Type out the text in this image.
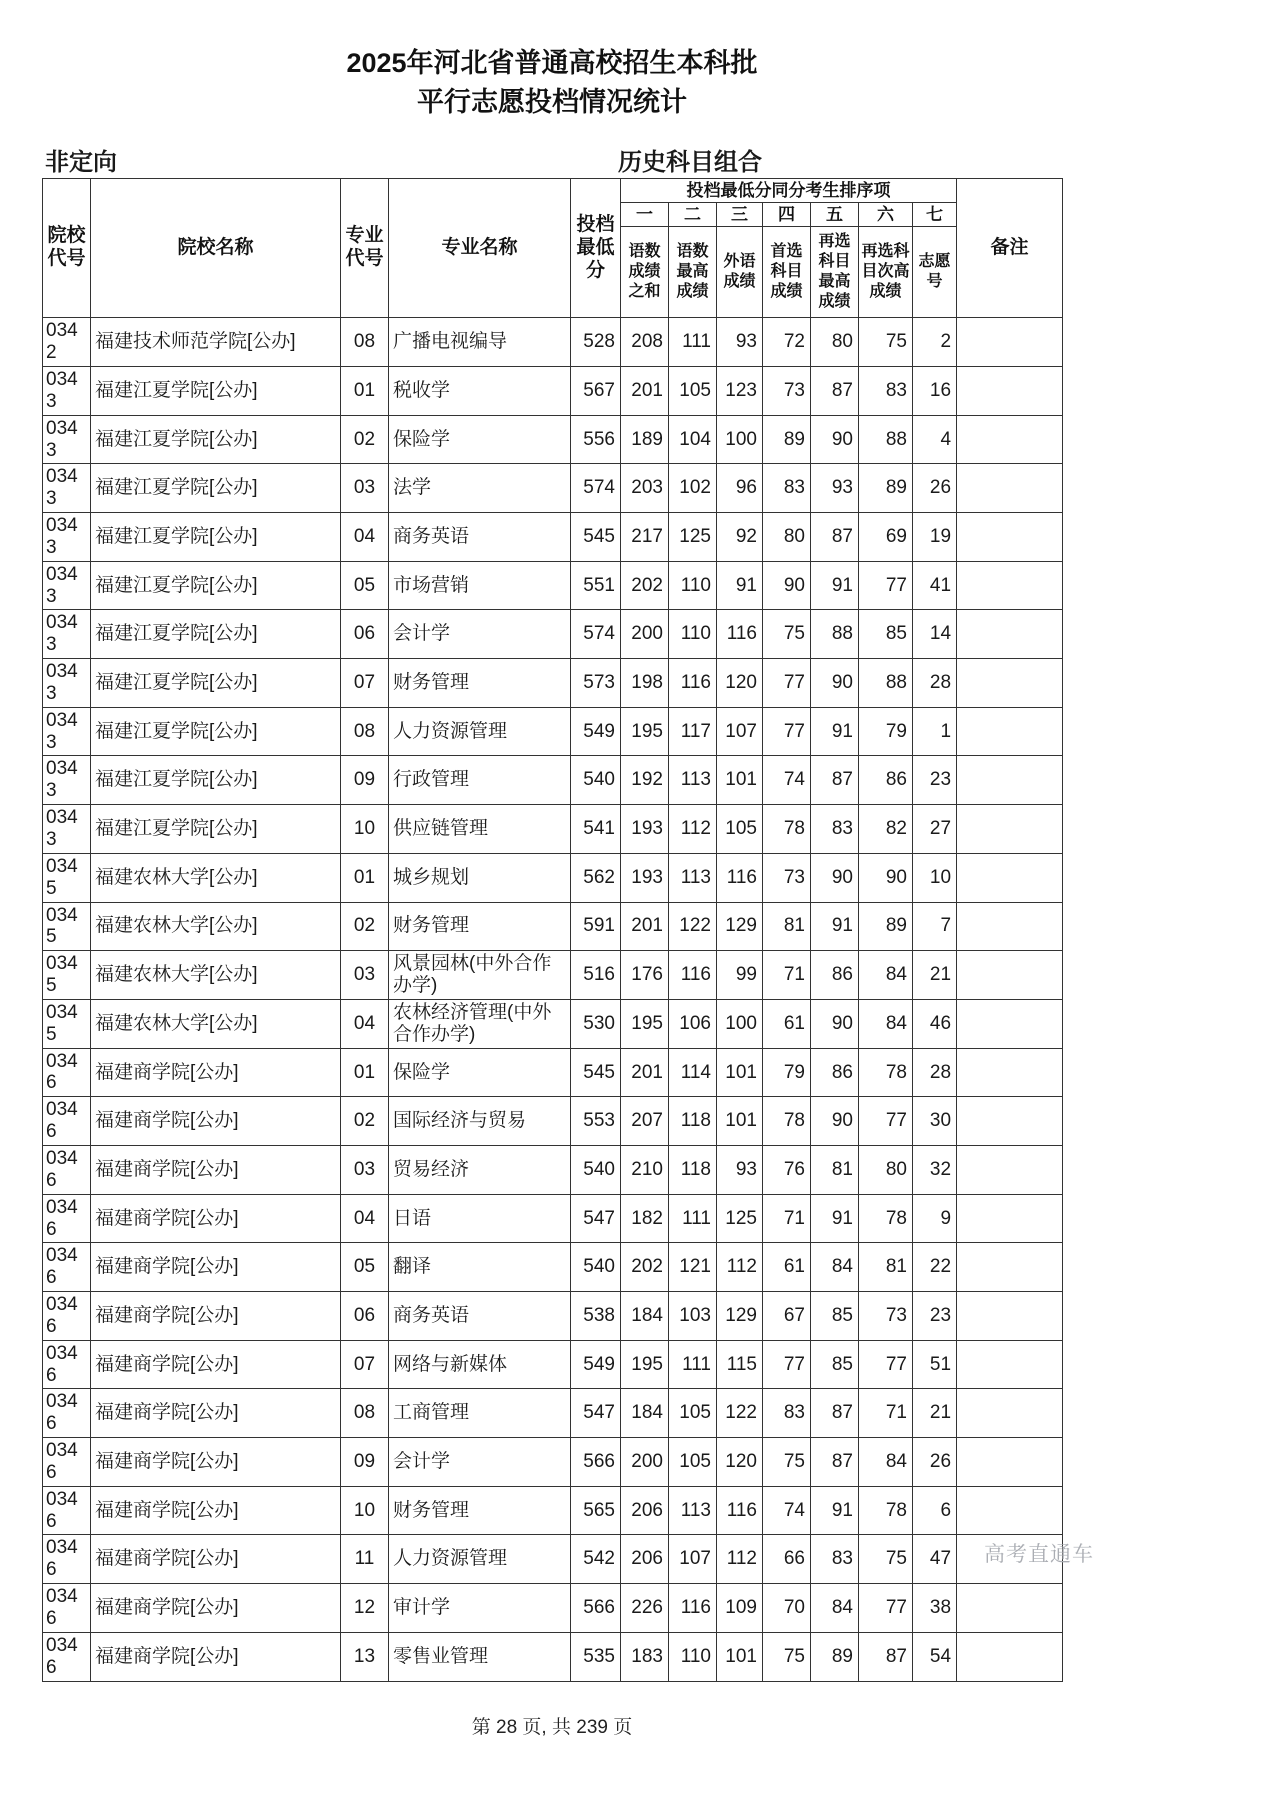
2025年河北省普通高校招生本科批
平行志愿投档情况统计
非定向	历史科目组合
院校代号	院校名称	专业代号	专业名称	投档最低分	投档最低分同分考生排序项							备注
					一	二	三	四	五	六	七	
					语数成绩之和	语数最高成绩	外语成绩	首选科目成绩	再选科目最高成绩	再选科目次高成绩	志愿号	
0342	福建技术师范学院[公办]	08	广播电视编导	528	208	111	93	72	80	75	2	
0343	福建江夏学院[公办]	01	税收学	567	201	105	123	73	87	83	16	
0343	福建江夏学院[公办]	02	保险学	556	189	104	100	89	90	88	4	
0343	福建江夏学院[公办]	03	法学	574	203	102	96	83	93	89	26	
0343	福建江夏学院[公办]	04	商务英语	545	217	125	92	80	87	69	19	
0343	福建江夏学院[公办]	05	市场营销	551	202	110	91	90	91	77	41	
0343	福建江夏学院[公办]	06	会计学	574	200	110	116	75	88	85	14	
0343	福建江夏学院[公办]	07	财务管理	573	198	116	120	77	90	88	28	
0343	福建江夏学院[公办]	08	人力资源管理	549	195	117	107	77	91	79	1	
0343	福建江夏学院[公办]	09	行政管理	540	192	113	101	74	87	86	23	
0343	福建江夏学院[公办]	10	供应链管理	541	193	112	105	78	83	82	27	
0345	福建农林大学[公办]	01	城乡规划	562	193	113	116	73	90	90	10	
0345	福建农林大学[公办]	02	财务管理	591	201	122	129	81	91	89	7	
0345	福建农林大学[公办]	03	风景园林(中外合作办学)	516	176	116	99	71	86	84	21	
0345	福建农林大学[公办]	04	农林经济管理(中外合作办学)	530	195	106	100	61	90	84	46	
0346	福建商学院[公办]	01	保险学	545	201	114	101	79	86	78	28	
0346	福建商学院[公办]	02	国际经济与贸易	553	207	118	101	78	90	77	30	
0346	福建商学院[公办]	03	贸易经济	540	210	118	93	76	81	80	32	
0346	福建商学院[公办]	04	日语	547	182	111	125	71	91	78	9	
0346	福建商学院[公办]	05	翻译	540	202	121	112	61	84	81	22	
0346	福建商学院[公办]	06	商务英语	538	184	103	129	67	85	73	23	
0346	福建商学院[公办]	07	网络与新媒体	549	195	111	115	77	85	77	51	
0346	福建商学院[公办]	08	工商管理	547	184	105	122	83	87	71	21	
0346	福建商学院[公办]	09	会计学	566	200	105	120	75	87	84	26	
0346	福建商学院[公办]	10	财务管理	565	206	113	116	74	91	78	6	
0346	福建商学院[公办]	11	人力资源管理	542	206	107	112	66	83	75	47	
0346	福建商学院[公办]	12	审计学	566	226	116	109	70	84	77	38	
0346	福建商学院[公办]	13	零售业管理	535	183	110	101	75	89	87	54	
第 28 页, 共 239 页
高考直通车
